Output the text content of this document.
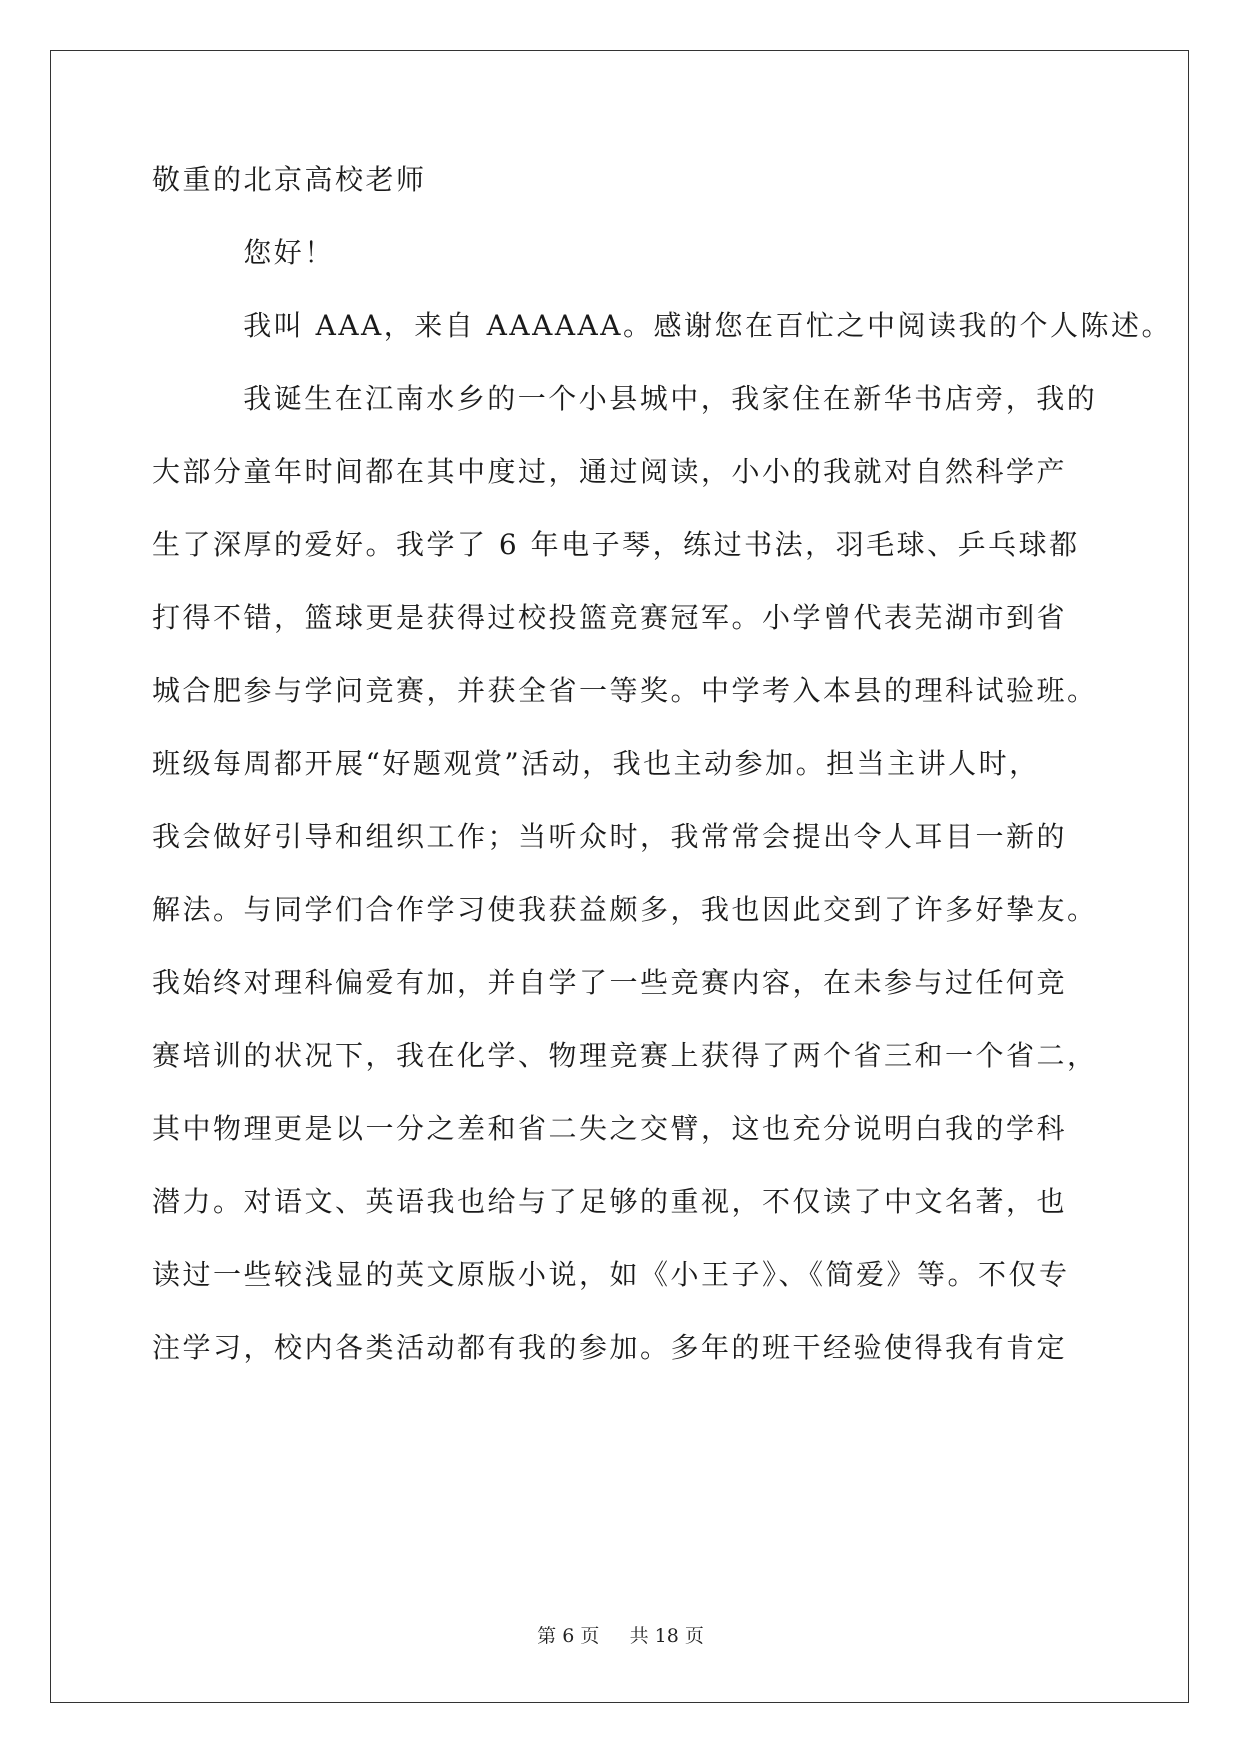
敬重的北京高校老师
您好！
我叫 AAA，来自 AAAAAA。感谢您在百忙之中阅读我的个人陈述。
我诞生在江南水乡的一个小县城中，我家住在新华书店旁，我的
大部分童年时间都在其中度过，通过阅读，小小的我就对自然科学产
生了深厚的爱好。我学了 6 年电子琴，练过书法，羽毛球、乒乓球都
打得不错，篮球更是获得过校投篮竞赛冠军。小学曾代表芜湖市到省
城合肥参与学问竞赛，并获全省一等奖。中学考入本县的理科试验班。
班级每周都开展“好题观赏”活动，我也主动参加。担当主讲人时，
我会做好引导和组织工作；当听众时，我常常会提出令人耳目一新的
解法。与同学们合作学习使我获益颇多，我也因此交到了许多好挚友。
我始终对理科偏爱有加，并自学了一些竞赛内容，在未参与过任何竞
赛培训的状况下，我在化学、物理竞赛上获得了两个省三和一个省二，
其中物理更是以一分之差和省二失之交臂，这也充分说明白我的学科
潜力。对语文、英语我也给与了足够的重视，不仅读了中文名著，也
读过一些较浅显的英文原版小说，如《小王子》、《简爱》等。不仅专
注学习，校内各类活动都有我的参加。多年的班干经验使得我有肯定
第 6 页 共 18 页
